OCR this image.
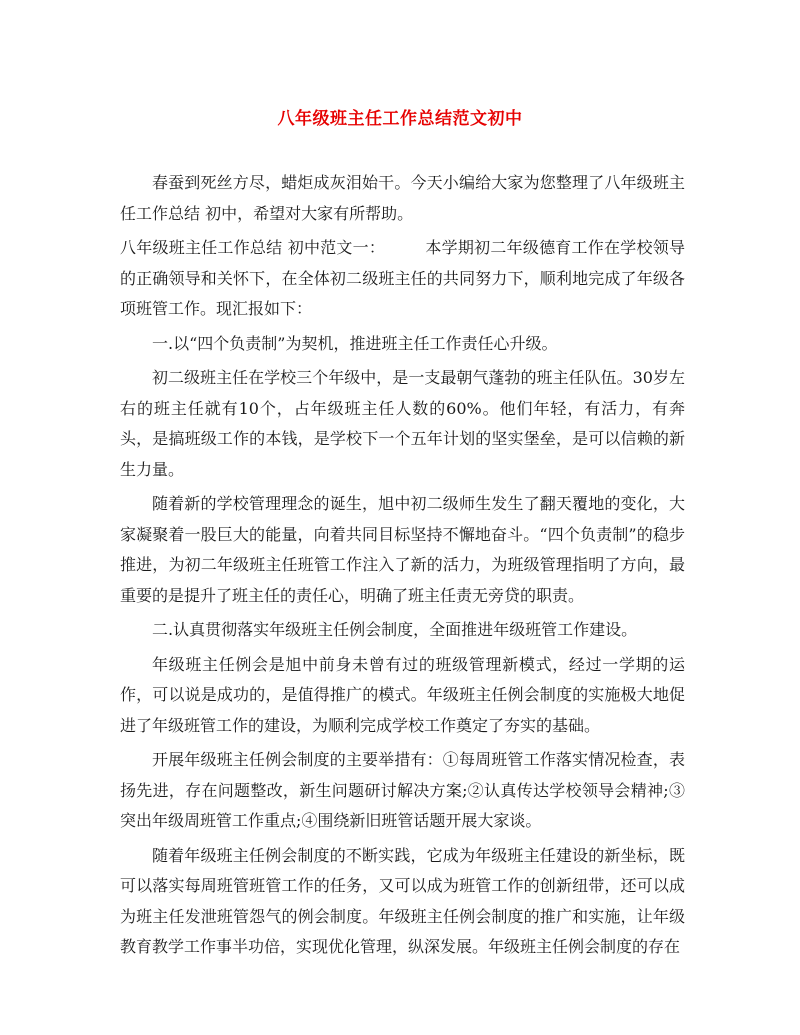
八年级班主任工作总结范文初中

春蚕到死丝方尽，蜡炬成灰泪始干。今天小编给大家为您整理了八年级班主任工作总结 初中，希望对大家有所帮助。

八年级班主任工作总结 初中范文一：	本学期初二年级德育工作在学校领导的正确领导和关怀下，在全体初二级班主任的共同努力下，顺利地完成了年级各项班管工作。现汇报如下：

一.以“四个负责制”为契机，推进班主任工作责任心升级。

初二级班主任在学校三个年级中，是一支最朝气蓬勃的班主任队伍。30岁左右的班主任就有10个，占年级班主任人数的60%。他们年轻，有活力，有奔头，是搞班级工作的本钱，是学校下一个五年计划的坚实堡垒，是可以信赖的新生力量。

随着新的学校管理理念的诞生，旭中初二级师生发生了翻天覆地的变化，大家凝聚着一股巨大的能量，向着共同目标坚持不懈地奋斗。“四个负责制”的稳步推进，为初二年级班主任班管工作注入了新的活力，为班级管理指明了方向，最重要的是提升了班主任的责任心，明确了班主任责无旁贷的职责。

二.认真贯彻落实年级班主任例会制度，全面推进年级班管工作建设。

年级班主任例会是旭中前身未曾有过的班级管理新模式，经过一学期的运作，可以说是成功的，是值得推广的模式。年级班主任例会制度的实施极大地促进了年级班管工作的建设，为顺利完成学校工作奠定了夯实的基础。

开展年级班主任例会制度的主要举措有：①每周班管工作落实情况检查，表扬先进，存在问题整改，新生问题研讨解决方案;②认真传达学校领导会精神;③突出年级周班管工作重点;④围绕新旧班管话题开展大家谈。

随着年级班主任例会制度的不断实践，它成为年级班主任建设的新坐标，既可以落实每周班管班管工作的任务，又可以成为班管工作的创新纽带，还可以成为班主任发泄班管怨气的例会制度。年级班主任例会制度的推广和实施，让年级教育教学工作事半功倍，实现优化管理，纵深发展。年级班主任例会制度的存在
